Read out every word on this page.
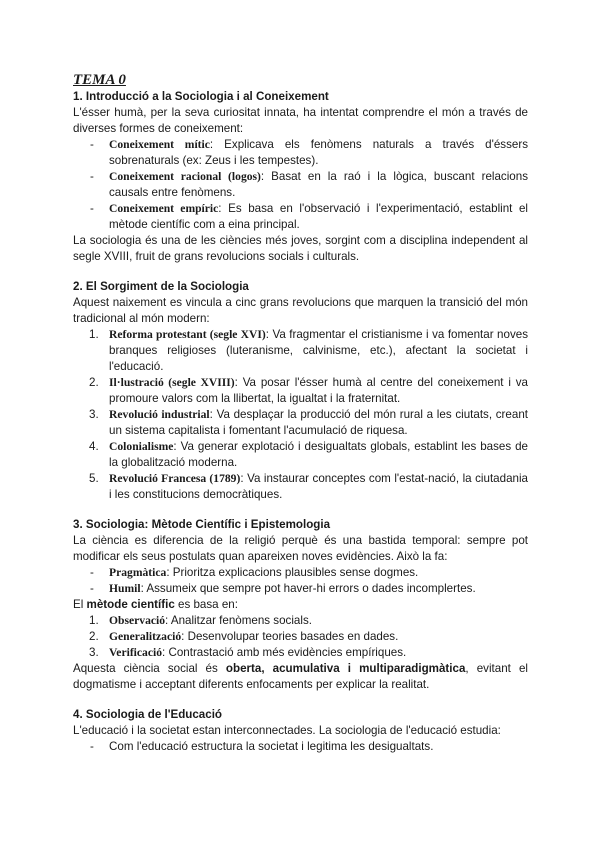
TEMA 0

1. Introducció a la Sociologia i al Coneixement

L'ésser humà, per la seva curiositat innata, ha intentat comprendre el món a través de diverses formes de coneixement:

- Coneixement mític: Explicava els fenòmens naturals a través d'éssers sobrenaturals (ex: Zeus i les tempestes).
- Coneixement racional (logos): Basat en la raó i la lògica, buscant relacions causals entre fenòmens.
- Coneixement empíric: Es basa en l'observació i l'experimentació, establint el mètode científic com a eina principal.

La sociologia és una de les ciències més joves, sorgint com a disciplina independent al segle XVIII, fruit de grans revolucions socials i culturals.

2. El Sorgiment de la Sociologia

Aquest naixement es vincula a cinc grans revolucions que marquen la transició del món tradicional al món modern:

1. Reforma protestant (segle XVI): Va fragmentar el cristianisme i va fomentar noves branques religioses (luteranisme, calvinisme, etc.), afectant la societat i l'educació.
2. Il·lustració (segle XVIII): Va posar l'ésser humà al centre del coneixement i va promoure valors com la llibertat, la igualtat i la fraternitat.
3. Revolució industrial: Va desplaçar la producció del món rural a les ciutats, creant un sistema capitalista i fomentant l'acumulació de riquesa.
4. Colonialisme: Va generar explotació i desigualtats globals, establint les bases de la globalització moderna.
5. Revolució Francesa (1789): Va instaurar conceptes com l'estat-nació, la ciutadania i les constitucions democràtiques.

3. Sociologia: Mètode Científic i Epistemologia

La ciència es diferencia de la religió perquè és una bastida temporal: sempre pot modificar els seus postulats quan apareixen noves evidències. Això la fa:

- Pragmàtica: Prioritza explicacions plausibles sense dogmes.
- Humil: Assumeix que sempre pot haver-hi errors o dades incomplertes.

El mètode científic es basa en:

1. Observació: Analitzar fenòmens socials.
2. Generalització: Desenvolupar teories basades en dades.
3. Verificació: Contrastació amb més evidències empíriques.

Aquesta ciència social és oberta, acumulativa i multiparadigmàtica, evitant el dogmatisme i acceptant diferents enfocaments per explicar la realitat.

4. Sociologia de l'Educació

L'educació i la societat estan interconnectades. La sociologia de l'educació estudia:

- Com l'educació estructura la societat i legitima les desigualtats.
